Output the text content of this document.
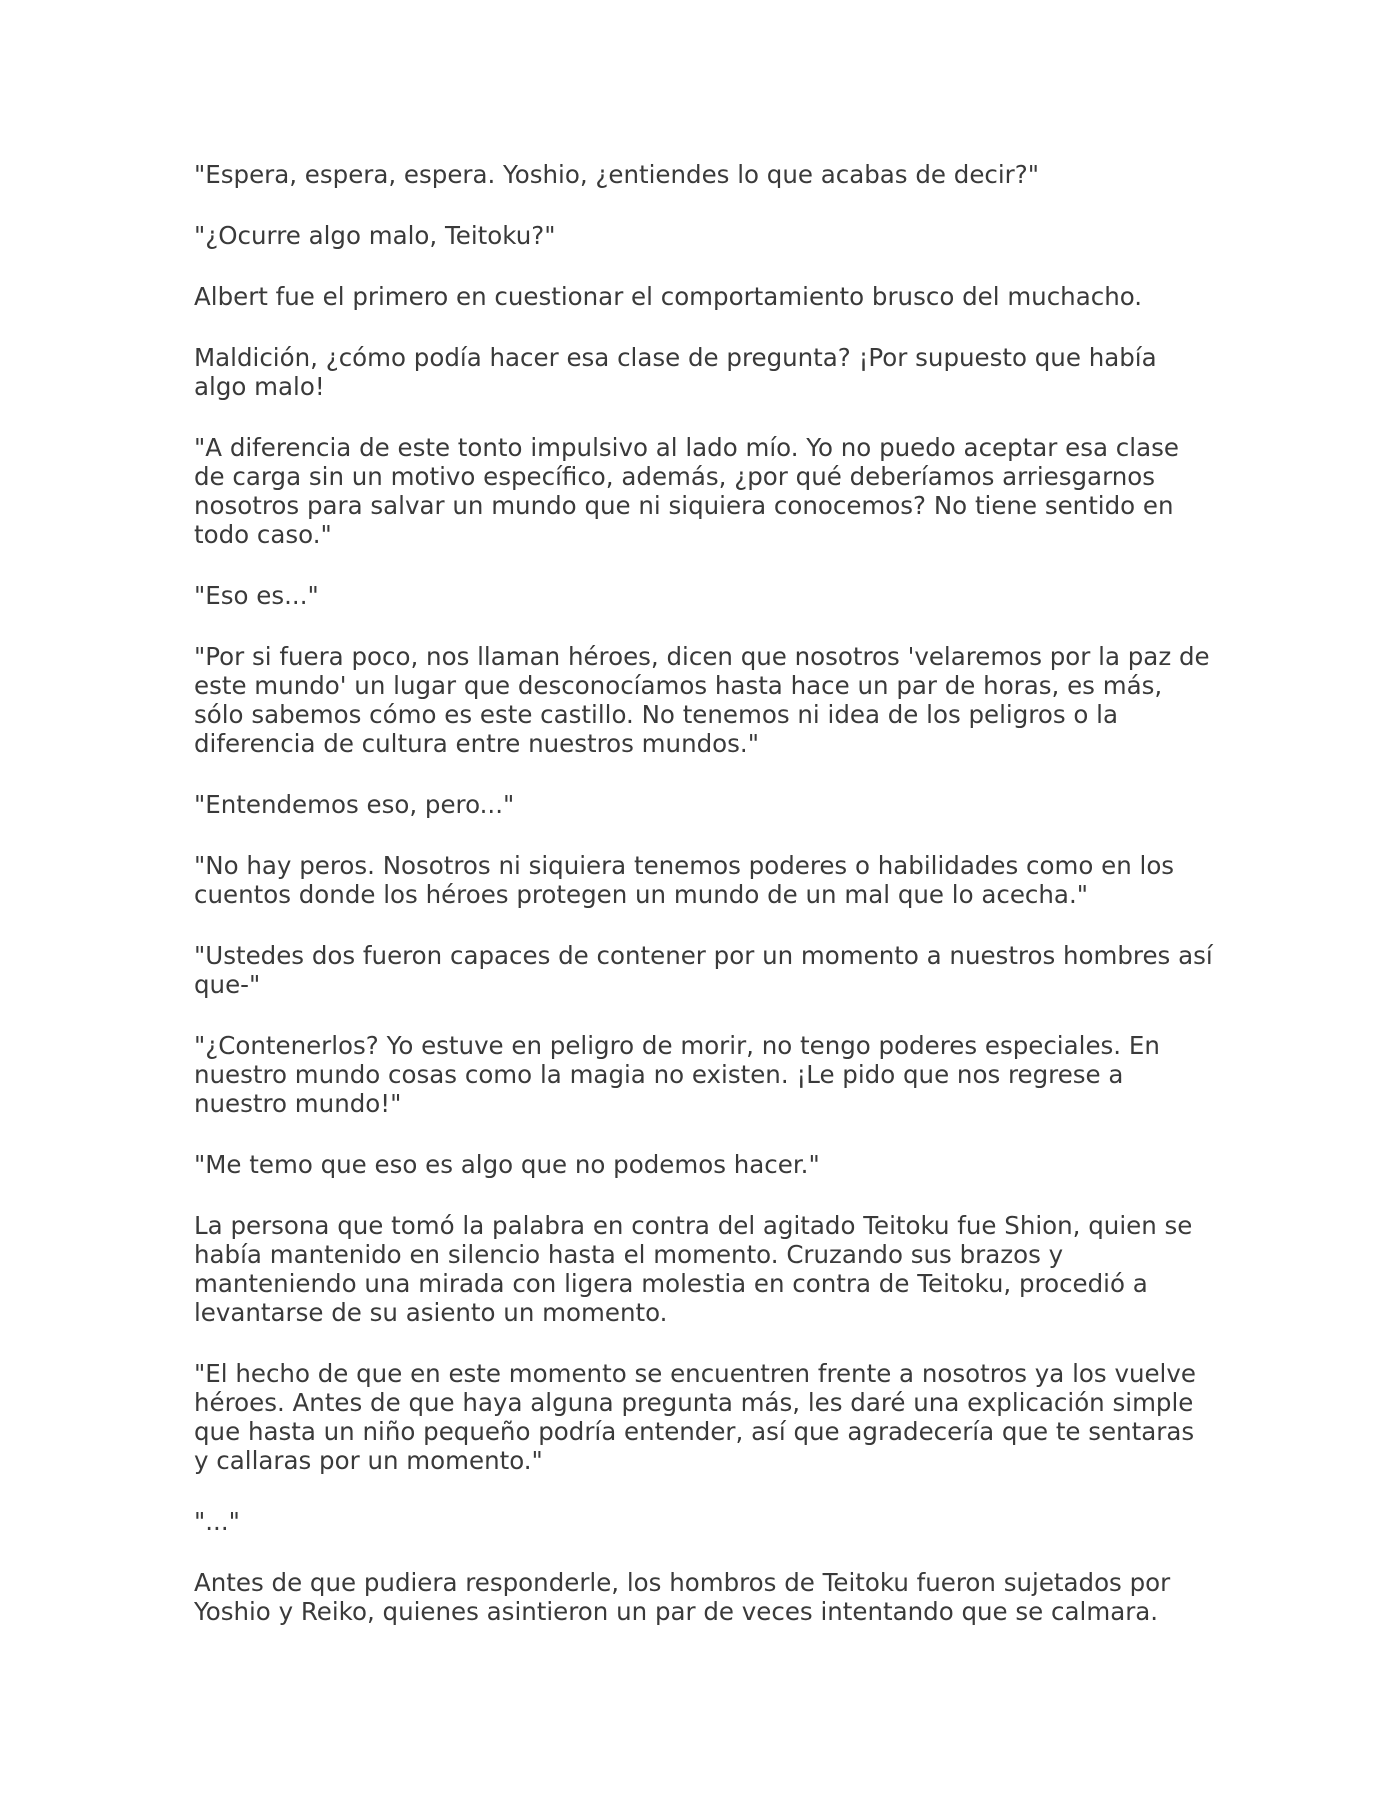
"Espera, espera, espera. Yoshio, ¿entiendes lo que acabas de decir?"

"¿Ocurre algo malo, Teitoku?"

Albert fue el primero en cuestionar el comportamiento brusco del muchacho.

Maldición, ¿cómo podía hacer esa clase de pregunta? ¡Por supuesto que había algo malo!

"A diferencia de este tonto impulsivo al lado mío. Yo no puedo aceptar esa clase de carga sin un motivo específico, además, ¿por qué deberíamos arriesgarnos nosotros para salvar un mundo que ni siquiera conocemos? No tiene sentido en todo caso."

"Eso es..."

"Por si fuera poco, nos llaman héroes, dicen que nosotros 'velaremos por la paz de este mundo' un lugar que desconocíamos hasta hace un par de horas, es más, sólo sabemos cómo es este castillo. No tenemos ni idea de los peligros o la diferencia de cultura entre nuestros mundos."

"Entendemos eso, pero..."

"No hay peros. Nosotros ni siquiera tenemos poderes o habilidades como en los cuentos donde los héroes protegen un mundo de un mal que lo acecha."

"Ustedes dos fueron capaces de contener por un momento a nuestros hombres así que-"

"¿Contenerlos? Yo estuve en peligro de morir, no tengo poderes especiales. En nuestro mundo cosas como la magia no existen. ¡Le pido que nos regrese a nuestro mundo!"

"Me temo que eso es algo que no podemos hacer."

La persona que tomó la palabra en contra del agitado Teitoku fue Shion, quien se había mantenido en silencio hasta el momento. Cruzando sus brazos y manteniendo una mirada con ligera molestia en contra de Teitoku, procedió a levantarse de su asiento un momento.

"El hecho de que en este momento se encuentren frente a nosotros ya los vuelve héroes. Antes de que haya alguna pregunta más, les daré una explicación simple que hasta un niño pequeño podría entender, así que agradecería que te sentaras y callaras por un momento."

"..."

Antes de que pudiera responderle, los hombros de Teitoku fueron sujetados por Yoshio y Reiko, quienes asintieron un par de veces intentando que se calmara.
